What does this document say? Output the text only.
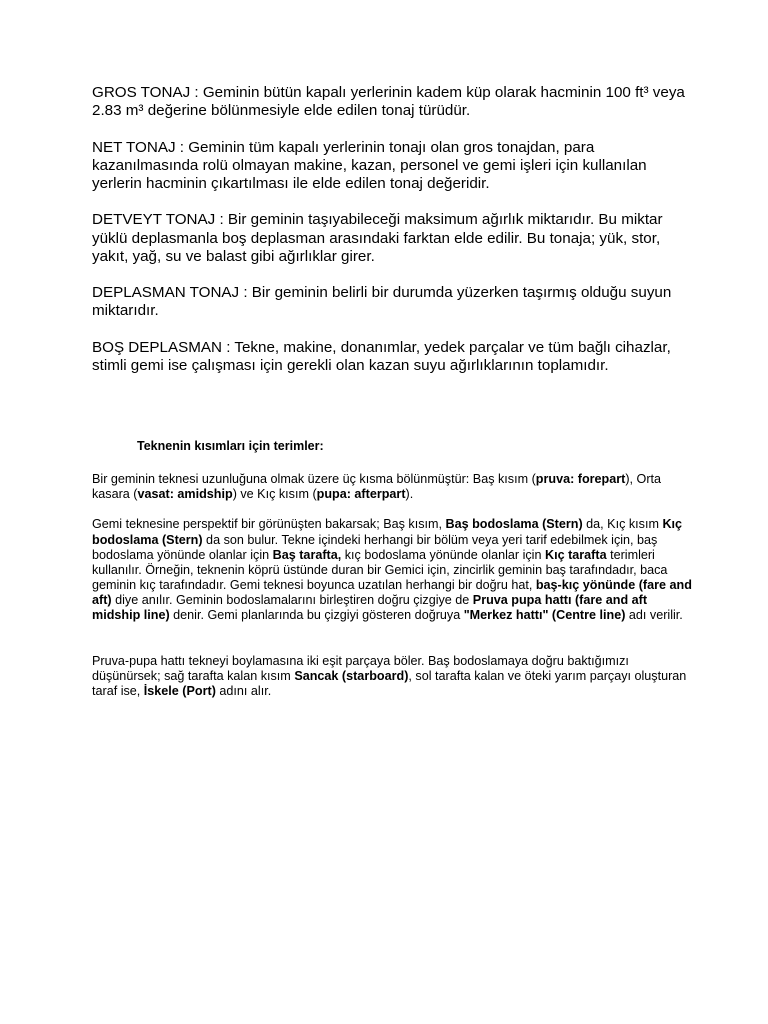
GROS TONAJ : Geminin bütün kapalı yerlerinin kadem küp olarak hacminin 100 ft³ veya 2.83 m³ değerine bölünmesiyle elde edilen tonaj türüdür.

NET TONAJ : Geminin tüm kapalı yerlerinin tonajı olan gros tonajdan, para kazanılmasında rolü olmayan makine, kazan, personel ve gemi işleri için kullanılan yerlerin hacminin çıkartılması ile elde edilen tonaj değeridir.

DETVEYT TONAJ : Bir geminin taşıyabileceği maksimum ağırlık miktarıdır. Bu miktar yüklü deplasmanla boş deplasman arasındaki farktan elde edilir. Bu tonaja; yük, stor, yakıt, yağ, su ve balast gibi ağırlıklar girer.

DEPLASMAN TONAJ : Bir geminin belirli bir durumda yüzerken taşırmış olduğu suyun miktarıdır.

BOŞ DEPLASMAN : Tekne, makine, donanımlar, yedek parçalar ve tüm bağlı cihazlar, stimli gemi ise çalışması için gerekli olan kazan suyu ağırlıklarının toplamıdır.

Teknenin kısımları için terimler:

Bir geminin teknesi uzunluğuna olmak üzere üç kısma bölünmüştür: Baş kısım (pruva: forepart), Orta kasara (vasat: amidship) ve Kıç kısım (pupa: afterpart).

Gemi teknesine perspektif bir görünüşten bakarsak; Baş kısım, Baş bodoslama (Stern) da, Kıç kısım Kıç bodoslama (Stern) da son bulur. Tekne içindeki herhangi bir bölüm veya yeri tarif edebilmek için, baş bodoslama yönünde olanlar için Baş tarafta, kıç bodoslama yönünde olanlar için Kıç tarafta terimleri kullanılır. Örneğin, teknenin köprü üstünde duran bir Gemici için, zincirlik geminin baş tarafındadır, baca geminin kıç tarafındadır. Gemi teknesi boyunca uzatılan herhangi bir doğru hat, baş-kıç yönünde (fare and aft) diye anılır. Geminin bodoslamalarını birleştiren doğru çizgiye de Pruva pupa hattı (fare and aft midship line) denir. Gemi planlarında bu çizgiyi gösteren doğruya "Merkez hattı" (Centre line) adı verilir.

Pruva-pupa hattı tekneyi boylamasına iki eşit parçaya böler. Baş bodoslamaya doğru baktığımızı düşünürsek; sağ tarafta kalan kısım Sancak (starboard), sol tarafta kalan ve öteki yarım parçayı oluşturan taraf ise, İskele (Port) adını alır.
